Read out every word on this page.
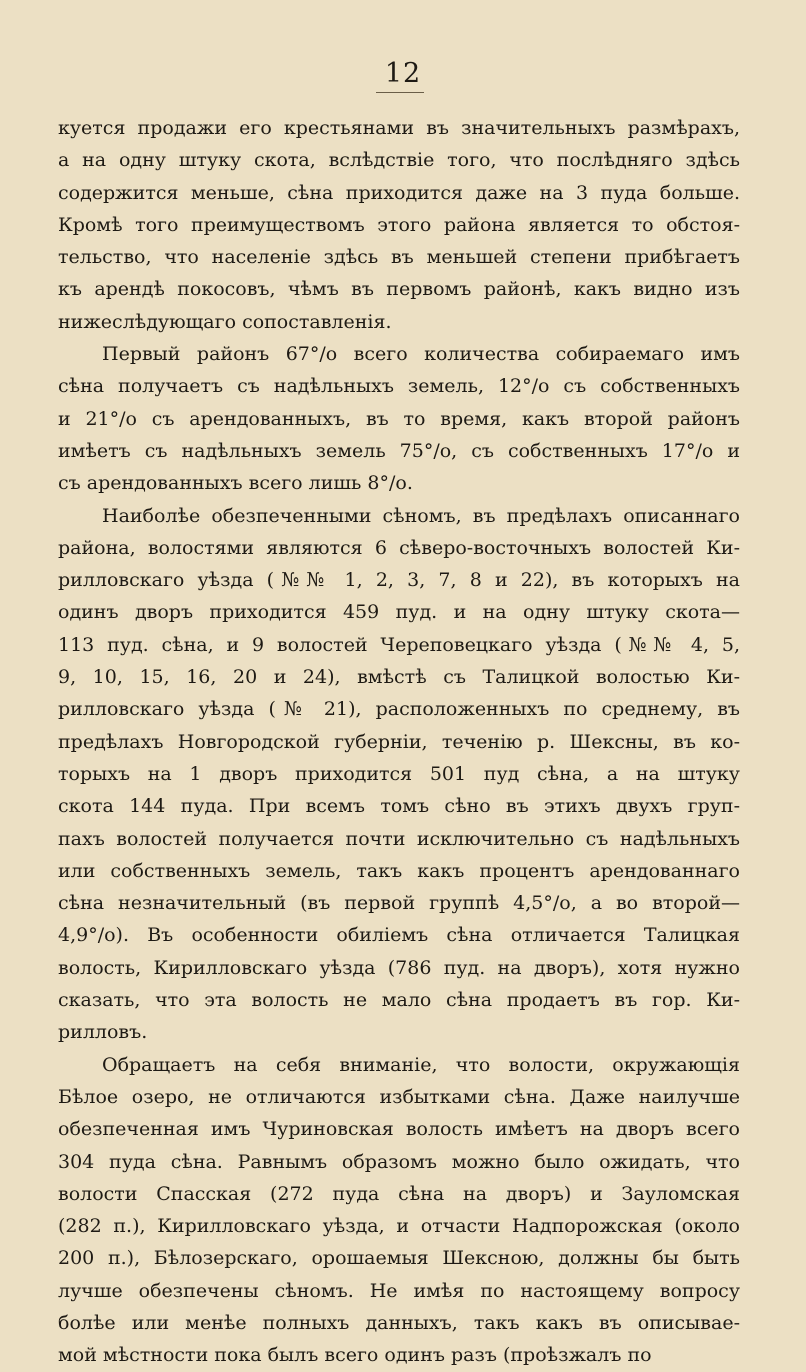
12
куется продажи его крестьянами въ значительныхъ размѣрахъ,
а на одну штуку скота, вслѣдствіе того, что послѣдняго здѣсь
содержится меньше, сѣна приходится даже на 3 пуда больше.
Кромѣ того преимуществомъ этого района является то обстоя-
тельство, что населеніе здѣсь въ меньшей степени прибѣгаетъ
къ арендѣ покосовъ, чѣмъ въ первомъ районѣ, какъ видно изъ
нижеслѣдующаго сопоставленія.
Первый районъ 67°/о всего количества собираемаго имъ
сѣна получаетъ съ надѣльныхъ земель, 12°/о съ собственныхъ
и 21°/о съ арендованныхъ, въ то время, какъ второй районъ
имѣетъ съ надѣльныхъ земель 75°/о, съ собственныхъ 17°/о и
съ арендованныхъ всего лишь 8°/о.
Наиболѣе обезпеченными сѣномъ, въ предѣлахъ описаннаго
района, волостями являются 6 сѣверо-восточныхъ волостей Ки-
рилловскаго уѣзда (№№ 1, 2, 3, 7, 8 и 22), въ которыхъ на
одинъ дворъ приходится 459 пуд. и на одну штуку скота—
113 пуд. сѣна, и 9 волостей Череповецкаго уѣзда (№№ 4, 5,
9, 10, 15, 16, 20 и 24), вмѣстѣ съ Талицкой волостью Ки-
рилловскаго уѣзда (№ 21), расположенныхъ по среднему, въ
предѣлахъ Новгородской губерніи, теченію р. Шексны, въ ко-
торыхъ на 1 дворъ приходится 501 пуд сѣна, а на штуку
скота 144 пуда. При всемъ томъ сѣно въ этихъ двухъ груп-
пахъ волостей получается почти исключительно съ надѣльныхъ
или собственныхъ земель, такъ какъ процентъ арендованнаго
сѣна незначительный (въ первой группѣ 4,5°/о, а во второй—
4,9°/о). Въ особенности обиліемъ сѣна отличается Талицкая
волость, Кирилловскаго уѣзда (786 пуд. на дворъ), хотя нужно
сказать, что эта волость не мало сѣна продаетъ въ гор. Ки-
рилловъ.
Обращаетъ на себя вниманіе, что волости, окружающія
Бѣлое озеро, не отличаются избытками сѣна. Даже наилучше
обезпеченная имъ Чуриновская волость имѣетъ на дворъ всего
304 пуда сѣна. Равнымъ образомъ можно было ожидать, что
волости Спасская (272 пуда сѣна на дворъ) и Зауломская
(282 п.), Кирилловскаго уѣзда, и отчасти Надпорожская (около
200 п.), Бѣлозерскаго, орошаемыя Шексною, должны бы быть
лучше обезпечены сѣномъ. Не имѣя по настоящему вопросу
болѣе или менѣе полныхъ данныхъ, такъ какъ въ описывае-
мой мѣстности пока былъ всего одинъ разъ (проѣзжалъ по
